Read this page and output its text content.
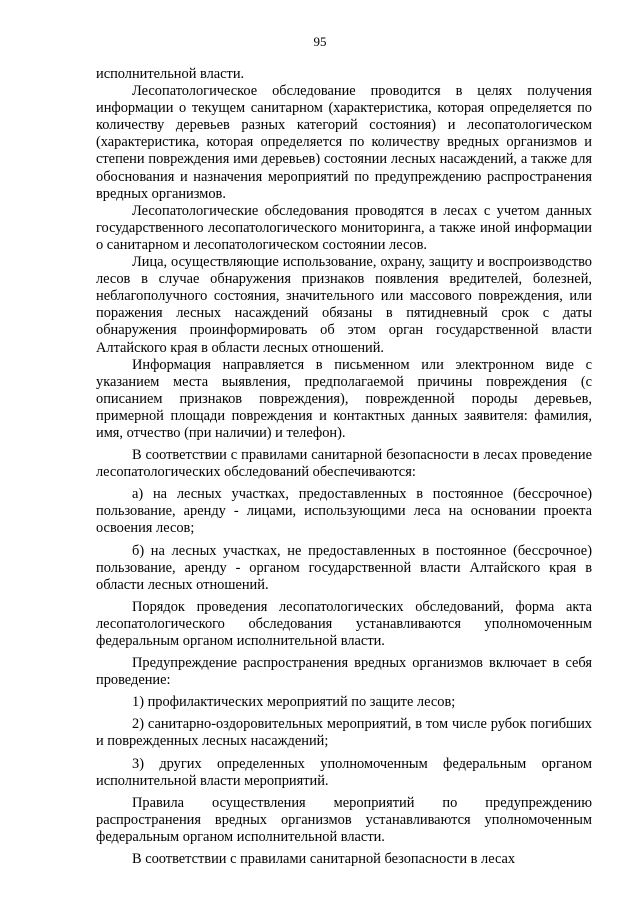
95

исполнительной власти.

Лесопатологическое обследование проводится в целях получения информации о текущем санитарном (характеристика, которая определяется по количеству деревьев разных категорий состояния) и лесопатологическом (характеристика, которая определяется по количеству вредных организмов и степени повреждения ими деревьев) состоянии лесных насаждений, а также для обоснования и назначения мероприятий по предупреждению распространения вредных организмов.

Лесопатологические обследования проводятся в лесах с учетом данных государственного лесопатологического мониторинга, а также иной информации о санитарном и лесопатологическом состоянии лесов.

Лица, осуществляющие использование, охрану, защиту и воспроизводство лесов в случае обнаружения признаков появления вредителей, болезней, неблагополучного состояния, значительного или массового повреждения, или поражения лесных насаждений обязаны в пятидневный срок с даты обнаружения проинформировать об этом орган государственной власти Алтайского края в области лесных отношений.

Информация направляется в письменном или электронном виде с указанием места выявления, предполагаемой причины повреждения (с описанием признаков повреждения), поврежденной породы деревьев, примерной площади повреждения и контактных данных заявителя: фамилия, имя, отчество (при наличии) и телефон).

В соответствии с правилами санитарной безопасности в лесах проведение лесопатологических обследований обеспечиваются:

а) на лесных участках, предоставленных в постоянное (бессрочное) пользование, аренду - лицами, использующими леса на основании проекта освоения лесов;

б) на лесных участках, не предоставленных в постоянное (бессрочное) пользование, аренду - органом государственной власти Алтайского края в области лесных отношений.

Порядок проведения лесопатологических обследований, форма акта лесопатологического обследования устанавливаются уполномоченным федеральным органом исполнительной власти.

Предупреждение распространения вредных организмов включает в себя проведение:

1) профилактических мероприятий по защите лесов;

2) санитарно-оздоровительных мероприятий, в том числе рубок погибших и поврежденных лесных насаждений;

3) других определенных уполномоченным федеральным органом исполнительной власти мероприятий.

Правила осуществления мероприятий по предупреждению распространения вредных организмов устанавливаются уполномоченным федеральным органом исполнительной власти.

В соответствии с правилами санитарной безопасности в лесах
